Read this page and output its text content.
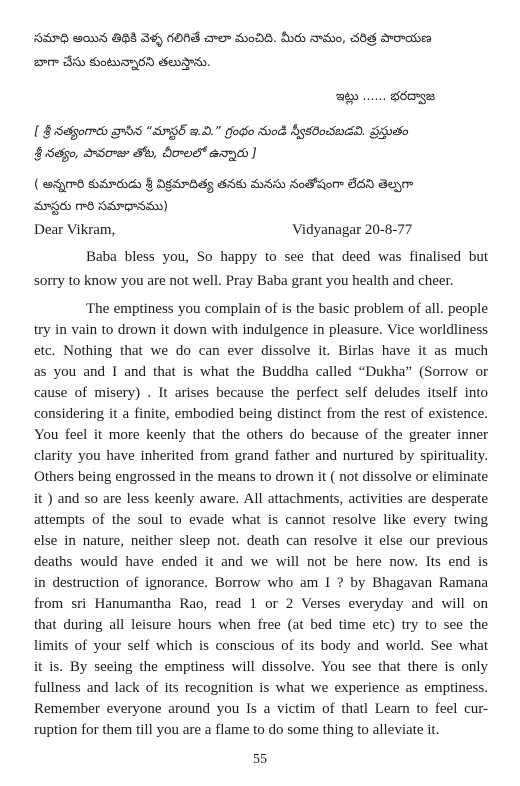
సమాధి అయిన తిథికి వెళ్ళ గలిగితే చాలా మంచిది. మీరు నామం, చరిత్ర పారాయణ
బాగా చేసు కుంటున్నారని తలుస్తాను.
ఇట్లు ...... భరద్వాజ
[ శ్రీ నత్యంగారు వ్రాసిన “మాస్టర్ ఇ.వి.” గ్రంథం నుండి స్వీకరించబడవి. ప్రస్తుతం
శ్రీ నత్యం, పావరాజు తోట, చీరాలలో ఉన్నారు ]
( అన్నగారి కుమారుడు శ్రీ విక్రమాదిత్య తనకు మనసు నంతోషంగా లేదని తెల్పగా
మాస్టరు గారి సమాధానము)
Dear Vikram,	Vidyanagar 20-8-77
Baba bless you, So happy to see that deed was finalised but
sorry to know you are not well. Pray Baba grant you health and cheer.
The emptiness you complain of is the basic problem of all. people
try in vain to drown it down with indulgence in pleasure. Vice worldliness
etc. Nothing that we do can ever dissolve it. Birlas have it as much
as you and I and that is what the Buddha called “Dukha” (Sorrow or
cause of misery) . It arises because the perfect self deludes itself into
considering it a finite, embodied being distinct from the rest of existence.
You feel it more keenly that the others do because of the greater inner
clarity you have inherited from grand father and nurtured by spirituality.
Others being engrossed in the means to drown it ( not dissolve or eliminate
it ) and so are less keenly aware. All attachments, activities are desperate
attempts of the soul to evade what is cannot resolve like every twing
else in nature, neither sleep not. death can resolve it else our previous
deaths would have ended it and we will not be here now. Its end is
in destruction of ignorance. Borrow who am I ? by Bhagavan Ramana
from sri Hanumantha Rao, read 1 or 2 Verses everyday and will on
that during all leisure hours when free (at bed time etc) try to see the
limits of your self which is conscious of its body and world. See what
it is. By seeing the emptiness will dissolve. You see that there is only
fullness and lack of its recognition is what we experience as emptiness.
Remember everyone around you Is a victim of thatl Learn to feel cur-
ruption for them till you are a flame to do some thing to alleviate it.
55
